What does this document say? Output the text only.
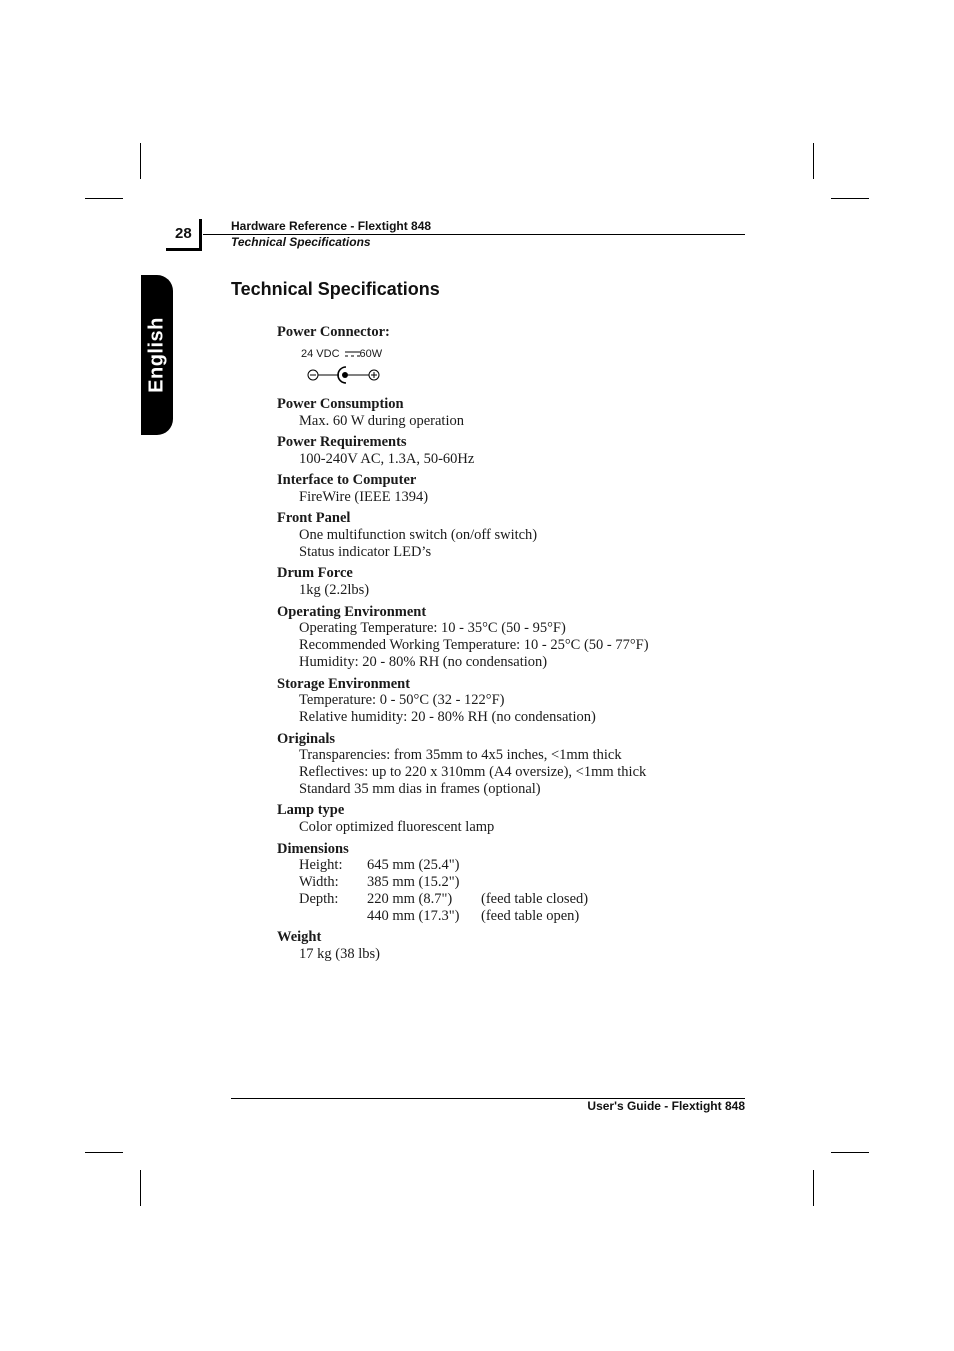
28	Hardware Reference - Flextight 848
Technical Specifications
English
Technical Specifications
Power Connector:
24 VDC 60W
Power Consumption
Max. 60 W during operation
Power Requirements
100-240V AC, 1.3A, 50-60Hz
Interface to Computer
FireWire (IEEE 1394)
Front Panel
One multifunction switch (on/off switch)
Status indicator LED’s
Drum Force
1kg (2.2lbs)
Operating Environment
Operating Temperature: 10 - 35°C (50 - 95°F)
Recommended Working Temperature: 10 - 25°C (50 - 77°F)
Humidity: 20 - 80% RH (no condensation)
Storage Environment
Temperature: 0 - 50°C (32 - 122°F)
Relative humidity: 20 - 80% RH (no condensation)
Originals
Transparencies: from 35mm to 4x5 inches, <1mm thick
Reflectives: up to 220 x 310mm (A4 oversize), <1mm thick
Standard 35 mm dias in frames (optional)
Lamp type
Color optimized fluorescent lamp
Dimensions
Height: 645 mm (25.4")
Width: 385 mm (15.2")
Depth: 220 mm (8.7") (feed table closed)
440 mm (17.3") (feed table open)
Weight
17 kg (38 lbs)
User's Guide - Flextight 848
